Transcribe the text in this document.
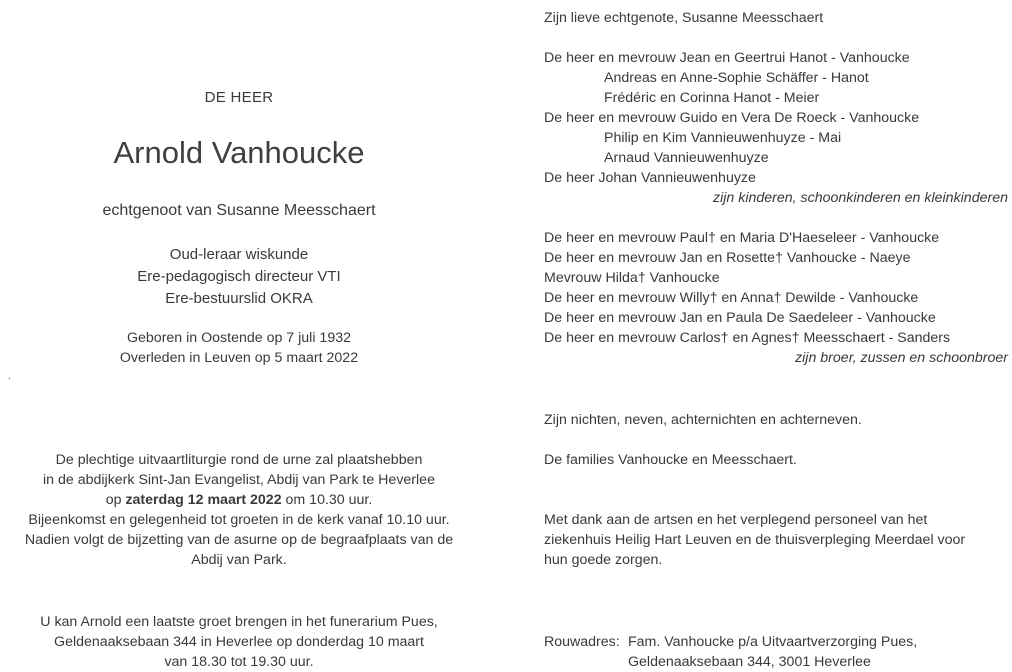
DE HEER
Arnold Vanhoucke
echtgenoot van Susanne Meesschaert
Oud-leraar wiskunde
Ere-pedagogisch directeur VTI
Ere-bestuurslid OKRA
Geboren in Oostende op 7 juli 1932
Overleden in Leuven op 5 maart 2022
.
De plechtige uitvaartliturgie rond de urne zal plaatshebben
in de abdijkerk Sint-Jan Evangelist, Abdij van Park te Heverlee
op zaterdag 12 maart 2022 om 10.30 uur.
Bijeenkomst en gelegenheid tot groeten in de kerk vanaf 10.10 uur.
Nadien volgt de bijzetting van de asurne op de begraafplaats van de
Abdij van Park.
U kan Arnold een laatste groet brengen in het funerarium Pues,
Geldenaaksebaan 344 in Heverlee op donderdag 10 maart
van 18.30 tot 19.30 uur.
Zijn lieve echtgenote, Susanne Meesschaert
De heer en mevrouw Jean en Geertrui Hanot - Vanhoucke
Andreas en Anne-Sophie Schäffer - Hanot
Frédéric en Corinna Hanot - Meier
De heer en mevrouw Guido en Vera De Roeck - Vanhoucke
Philip en Kim Vannieuwenhuyze - Mai
Arnaud Vannieuwenhuyze
De heer Johan Vannieuwenhuyze
zijn kinderen, schoonkinderen en kleinkinderen
De heer en mevrouw Paul† en Maria D'Haeseleer - Vanhoucke
De heer en mevrouw Jan en Rosette† Vanhoucke - Naeye
Mevrouw Hilda† Vanhoucke
De heer en mevrouw Willy† en Anna† Dewilde - Vanhoucke
De heer en mevrouw Jan en Paula De Saedeleer - Vanhoucke
De heer en mevrouw Carlos† en Agnes† Meesschaert - Sanders
zijn broer, zussen en schoonbroer
Zijn nichten, neven, achternichten en achterneven.
De families Vanhoucke en Meesschaert.
Met dank aan de artsen en het verplegend personeel van het
ziekenhuis Heilig Hart Leuven en de thuisverpleging Meerdael voor
hun goede zorgen.
Rouwadres: Fam. Vanhoucke p/a Uitvaartverzorging Pues,
Geldenaaksebaan 344, 3001 Heverlee
